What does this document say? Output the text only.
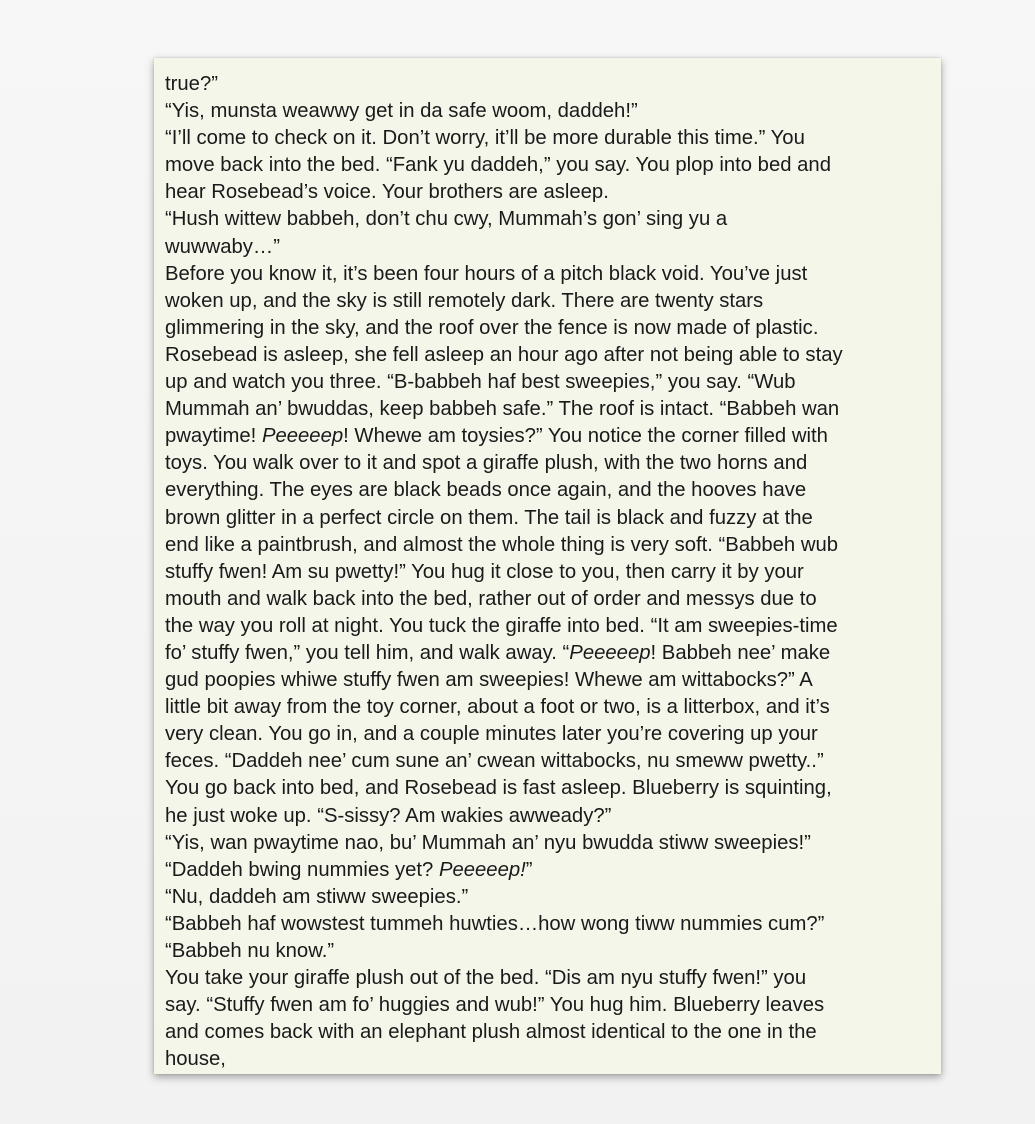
true?”
“Yis, munsta weawwy get in da safe woom, daddeh!”
“I’ll come to check on it. Don’t worry, it’ll be more durable this time.” You
move back into the bed. “Fank yu daddeh,” you say. You plop into bed and
hear Rosebead’s voice. Your brothers are asleep.
“Hush wittew babbeh, don’t chu cwy, Mummah’s gon’ sing yu a
wuwwaby…”
Before you know it, it’s been four hours of a pitch black void. You’ve just
woken up, and the sky is still remotely dark. There are twenty stars
glimmering in the sky, and the roof over the fence is now made of plastic.
Rosebead is asleep, she fell asleep an hour ago after not being able to stay
up and watch you three. “B-babbeh haf best sweepies,” you say. “Wub
Mummah an’ bwuddas, keep babbeh safe.” The roof is intact. “Babbeh wan
pwaytime! Peeeeep! Whewe am toysies?” You notice the corner filled with
toys. You walk over to it and spot a giraffe plush, with the two horns and
everything. The eyes are black beads once again, and the hooves have
brown glitter in a perfect circle on them. The tail is black and fuzzy at the
end like a paintbrush, and almost the whole thing is very soft. “Babbeh wub
stuffy fwen! Am su pwetty!” You hug it close to you, then carry it by your
mouth and walk back into the bed, rather out of order and messys due to
the way you roll at night. You tuck the giraffe into bed. “It am sweepies-time
fo’ stuffy fwen,” you tell him, and walk away. “Peeeeep! Babbeh nee’ make
gud poopies whiwe stuffy fwen am sweepies! Whewe am wittabocks?” A
little bit away from the toy corner, about a foot or two, is a litterbox, and it’s
very clean. You go in, and a couple minutes later you’re covering up your
feces. “Daddeh nee’ cum sune an’ cwean wittabocks, nu smeww pwetty..”
You go back into bed, and Rosebead is fast asleep. Blueberry is squinting,
he just woke up. “S-sissy? Am wakies awweady?”
“Yis, wan pwaytime nao, bu’ Mummah an’ nyu bwudda stiww sweepies!”
“Daddeh bwing nummies yet? Peeeeep!”
“Nu, daddeh am stiww sweepies.”
“Babbeh haf wowstest tummeh huwties…how wong tiww nummies cum?”
“Babbeh nu know.”
You take your giraffe plush out of the bed. “Dis am nyu stuffy fwen!” you
say. “Stuffy fwen am fo’ huggies and wub!” You hug him. Blueberry leaves
and comes back with an elephant plush almost identical to the one in the
house,
